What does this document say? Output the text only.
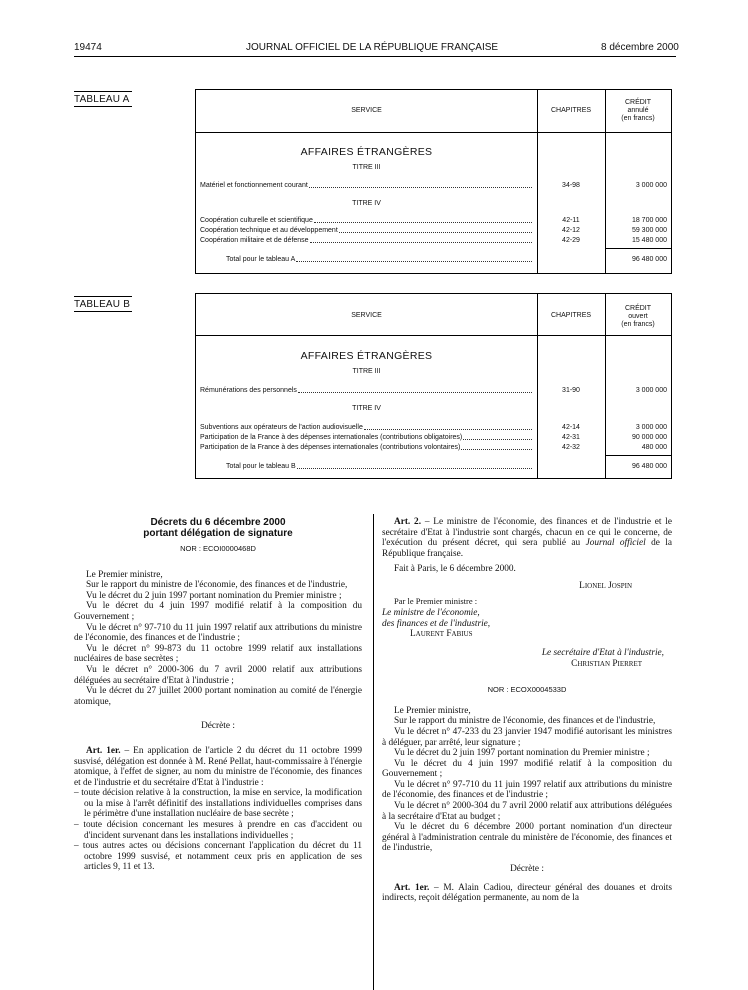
19474	JOURNAL OFFICIEL DE LA RÉPUBLIQUE FRANÇAISE	8 décembre 2000
TABLEAU A
SERVICE	CHAPITRES
CRÉDIT
annulé
(en francs)
AFFAIRES ÉTRANGÈRES
TITRE III
Matériel et fonctionnement courant	34-98	3 000 000
TITRE IV
Coopération culturelle et scientifique	42-11	18 700 000
Coopération technique et au développement	42-12	59 300 000
Coopération militaire et de défense	42-29	15 480 000
Total pour le tableau A	96 480 000
TABLEAU B
SERVICE	CHAPITRES
CRÉDIT
ouvert
(en francs)
AFFAIRES ÉTRANGÈRES
TITRE III
Rémunérations des personnels	31-90	3 000 000
TITRE IV
Subventions aux opérateurs de l'action audiovisuelle	42-14	3 000 000
Participation de la France à des dépenses internationales (contributions obligatoires)	42-31	90 000 000
Participation de la France à des dépenses internationales (contributions volontaires)	42-32	480 000
Total pour le tableau B	96 480 000
Décrets du 6 décembre 2000
portant délégation de signature
NOR : ECOI0000468D

Le Premier ministre,

Sur le rapport du ministre de l'économie, des finances et de l'industrie,

Vu le décret du 2 juin 1997 portant nomination du Premier ministre ;

Vu le décret du 4 juin 1997 modifié relatif à la composition du Gouvernement ;

Vu le décret n° 97-710 du 11 juin 1997 relatif aux attributions du ministre de l'économie, des finances et de l'industrie ;

Vu le décret n° 99-873 du 11 octobre 1999 relatif aux installations nucléaires de base secrètes ;

Vu le décret n° 2000-306 du 7 avril 2000 relatif aux attributions déléguées au secrétaire d'Etat à l'industrie ;

Vu le décret du 27 juillet 2000 portant nomination au comité de l'énergie atomique,

Décrète :

Art. 1er. – En application de l'article 2 du décret du 11 octobre 1999 susvisé, délégation est donnée à M. René Pellat, haut-commissaire à l'énergie atomique, à l'effet de signer, au nom du ministre de l'économie, des finances et de l'industrie et du secrétaire d'Etat à l'industrie :

– toute décision relative à la construction, la mise en service, la modification ou la mise à l'arrêt définitif des installations individuelles comprises dans le périmètre d'une installation nucléaire de base secrète ;
– toute décision concernant les mesures à prendre en cas d'accident ou d'incident survenant dans les installations individuelles ;
– tous autres actes ou décisions concernant l'application du décret du 11 octobre 1999 susvisé, et notamment ceux pris en application de ses articles 9, 11 et 13.

Art. 2. – Le ministre de l'économie, des finances et de l'industrie et le secrétaire d'Etat à l'industrie sont chargés, chacun en ce qui le concerne, de l'exécution du présent décret, qui sera publié au Journal officiel de la République française.

Fait à Paris, le 6 décembre 2000.

Lionel Jospin
Par le Premier ministre :
Le ministre de l'économie,
des finances et de l'industrie,
Laurent Fabius
Le secrétaire d'Etat à l'industrie,
Christian Pierret
NOR : ECOX0004533D

Le Premier ministre,

Sur le rapport du ministre de l'économie, des finances et de l'industrie,

Vu le décret n° 47-233 du 23 janvier 1947 modifié autorisant les ministres à déléguer, par arrêté, leur signature ;

Vu le décret du 2 juin 1997 portant nomination du Premier ministre ;

Vu le décret du 4 juin 1997 modifié relatif à la composition du Gouvernement ;

Vu le décret n° 97-710 du 11 juin 1997 relatif aux attributions du ministre de l'économie, des finances et de l'industrie ;

Vu le décret n° 2000-304 du 7 avril 2000 relatif aux attributions déléguées à la secrétaire d'Etat au budget ;

Vu le décret du 6 décembre 2000 portant nomination d'un directeur général à l'administration centrale du ministère de l'économie, des finances et de l'industrie,

Décrète :

Art. 1er. – M. Alain Cadiou, directeur général des douanes et droits indirects, reçoit délégation permanente, au nom de la
